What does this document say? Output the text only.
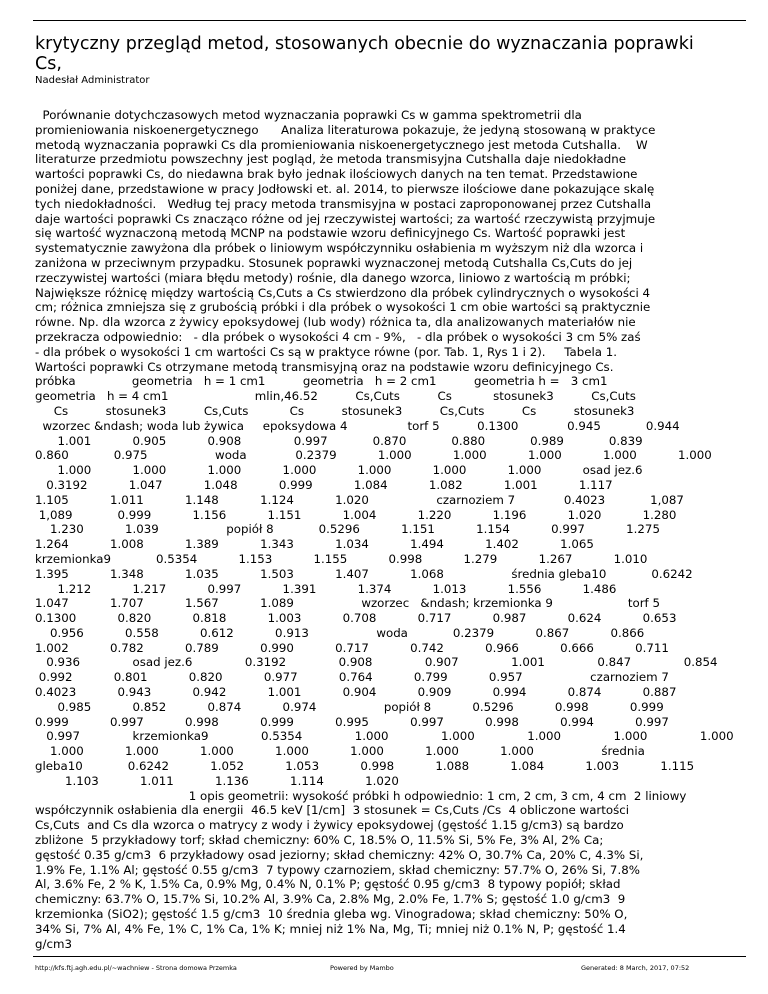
krytyczny przegląd metod, stosowanych obecnie do wyznaczania poprawki
Cs,
Nadesłał Administrator
Porównanie dotychczasowych metod wyznaczania poprawki Cs w gamma spektrometrii dla
promieniowania niskoenergetycznego      Analiza literaturowa pokazuje, że jedyną stosowaną w praktyce
metodą wyznaczania poprawki Cs dla promieniowania niskoenergetycznego jest metoda Cutshalla.    W
literaturze przedmiotu powszechny jest pogląd, że metoda transmisyjna Cutshalla daje niedokładne
wartości poprawki Cs, do niedawna brak było jednak ilościowych danych na ten temat. Przedstawione
poniżej dane, przedstawione w pracy Jodłowski et. al. 2014, to pierwsze ilościowe dane pokazujące skalę
tych niedokładności.   Według tej pracy metoda transmisyjna w postaci zaproponowanej przez Cutshalla
daje wartości poprawki Cs znacząco różne od jej rzeczywistej wartości; za wartość rzeczywistą przyjmuje
się wartość wyznaczoną metodą MCNP na podstawie wzoru definicyjnego Cs. Wartość poprawki jest
systematycznie zawyżona dla próbek o liniowym współczynniku osłabienia m wyższym niż dla wzorca i
zaniżona w przeciwnym przypadku. Stosunek poprawki wyznaczonej metodą Cutshalla Cs,Cuts do jej
rzeczywistej wartości (miara błędu metody) rośnie, dla danego wzorca, liniowo z wartością m próbki;
Największe różnicę między wartością Cs,Cuts a Cs stwierdzono dla próbek cylindrycznych o wysokości 4
cm; różnica zmniejsza się z grubością próbki i dla próbek o wysokości 1 cm obie wartości są praktycznie
równe. Np. dla wzorca z żywicy epoksydowej (lub wody) różnica ta, dla analizowanych materiałów nie
przekracza odpowiednio:   - dla próbek o wysokości 4 cm - 9%,   - dla próbek o wysokości 3 cm 5% zaś
- dla próbek o wysokości 1 cm wartości Cs są w praktyce równe (por. Tab. 1, Rys 1 i 2).     Tabela 1.
Wartości poprawki Cs otrzymane metodą transmisyjną oraz na podstawie wzoru definicyjnego Cs.
próbka               geometria   h = 1 cm1          geometria   h = 2 cm1          geometria h =   3 cm1
geometria   h = 4 cm1                       mlin,46.52          Cs,Cuts          Cs           stosunek3          Cs,Cuts
Cs          stosunek3          Cs,Cuts           Cs          stosunek3          Cs,Cuts          Cs          stosunek3
wzorzec &ndash; woda lub żywica     epoksydowa 4                torf 5          0.1300             0.945            0.944
1.001           0.905           0.908              0.997            0.870            0.880            0.989            0.839
0.860            0.975                  woda             0.2379           1.000           1.000           1.000           1.000           1.000
1.000           1.000           1.000           1.000           1.000           1.000           1.000           osad jez.6
0.3192           1.047           1.048           0.999           1.084           1.082           1.001           1.117
1.105           1.011           1.148           1.124           1.020                  czarnoziem 7             0.4023            1,087
1,089            0.999           1.156           1.151           1.004           1.220           1.196           1.020           1.280
1.230           1.039                  popiół 8            0.5296           1.151           1.154           0.997           1.275
1.264           1.008           1.389           1.343           1.034           1.494           1.402           1.065
krzemionka9            0.5354           1.153           1.155           0.998           1.279           1.267           1.010
1.395           1.348           1.035           1.503           1.407           1.068                  średnia gleba10            0.6242
1.212           1.217           0.997           1.391           1.374           1.013           1.556           1.486
1.047           1.707           1.567           1.089                  wzorzec   &ndash; krzemionka 9                    torf 5
0.1300           0.820           0.818           1.003           0.708           0.717           0.987           0.624           0.653
0.956           0.558           0.612           0.913                  woda            0.2379           0.867           0.866
1.002           0.782           0.789           0.990           0.717           0.742           0.966           0.666           0.711
0.936              osad jez.6              0.3192              0.908              0.907              1.001              0.847              0.854
0.992           0.801           0.820           0.977           0.764           0.799           0.957                  czarnoziem 7
0.4023           0.943           0.942           1.001           0.904           0.909           0.994           0.874           0.887
0.985           0.852           0.874           0.974                  popiół 8           0.5296           0.998           0.999
0.999           0.997           0.998           0.999           0.995           0.997           0.998           0.994           0.997
0.997              krzemionka9              0.5354              1.000              1.000              1.000              1.000              1.000
1.000           1.000           1.000           1.000           1.000           1.000           1.000                  średnia
gleba10            0.6242           1.052           1.053           0.998           1.088           1.084           1.003           1.115
1.103           1.011           1.136           1.114           1.020
1 opis geometrii: wysokość próbki h odpowiednio: 1 cm, 2 cm, 3 cm, 4 cm  2 liniowy
współczynnik osłabienia dla energii  46.5 keV [1/cm]  3 stosunek = Cs,Cuts /Cs  4 obliczone wartości
Cs,Cuts  and Cs dla wzorca o matrycy z wody i żywicy epoksydowej (gęstość 1.15 g/cm3) są bardzo
zbliżone  5 przykładowy torf; skład chemiczny: 60% C, 18.5% O, 11.5% Si, 5% Fe, 3% Al, 2% Ca;
gęstość 0.35 g/cm3  6 przykładowy osad jeziorny; skład chemiczny: 42% O, 30.7% Ca, 20% C, 4.3% Si,
1.9% Fe, 1.1% Al; gęstość 0.55 g/cm3  7 typowy czarnoziem, skład chemiczny: 57.7% O, 26% Si, 7.8%
Al, 3.6% Fe, 2 % K, 1.5% Ca, 0.9% Mg, 0.4% N, 0.1% P; gęstość 0.95 g/cm3  8 typowy popiół; skład
chemiczny: 63.7% O, 15.7% Si, 10.2% Al, 3.9% Ca, 2.8% Mg, 2.0% Fe, 1.7% S; gęstość 1.0 g/cm3  9
krzemionka (SiO2); gęstość 1.5 g/cm3  10 średnia gleba wg. Vinogradowa; skład chemiczny: 50% O,
34% Si, 7% Al, 4% Fe, 1% C, 1% Ca, 1% K; mniej niż 1% Na, Mg, Ti; mniej niż 0.1% N, P; gęstość 1.4
g/cm3
http://kfs.ftj.agh.edu.pl/~wachniew - Strona domowa Przemka	Powered by Mambo	Generated: 8 March, 2017, 07:52
